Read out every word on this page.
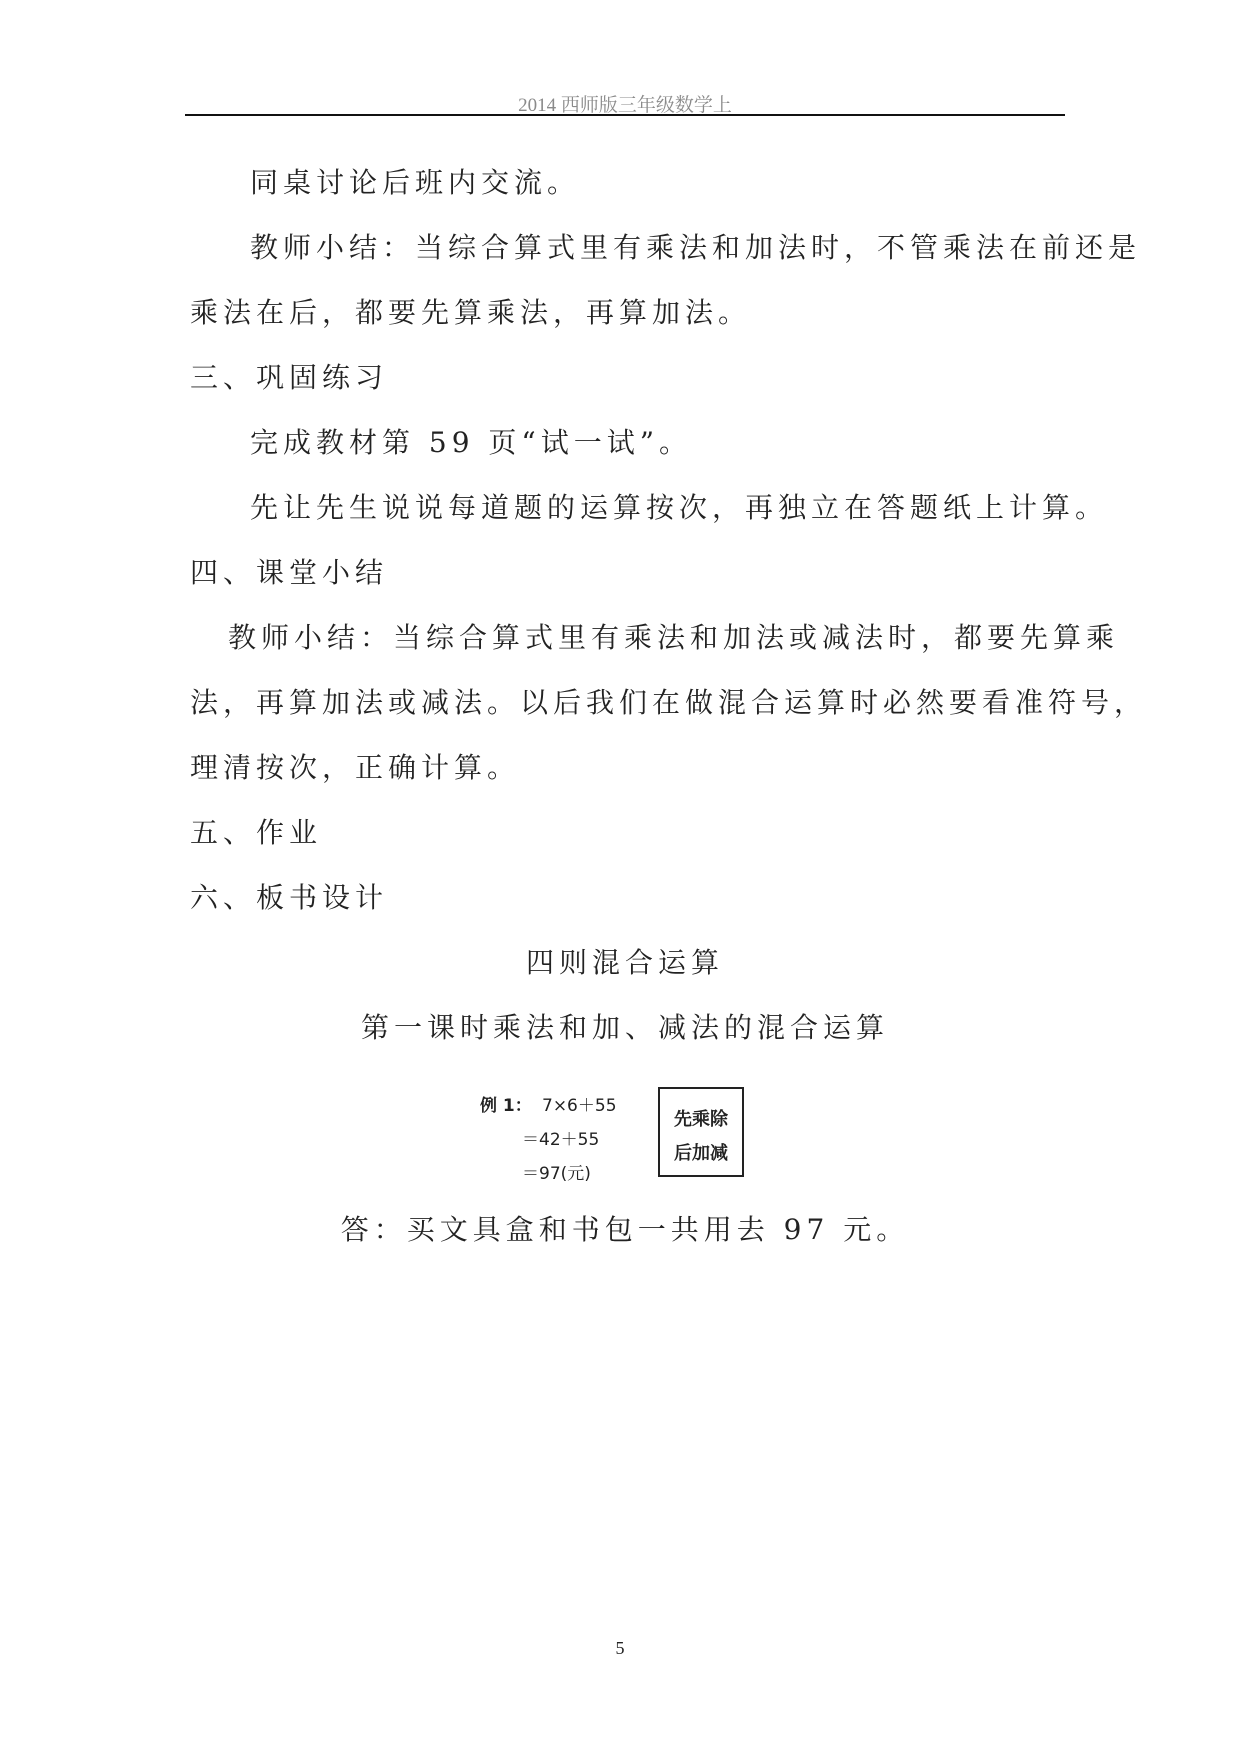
2014 西师版三年级数学上
同桌讨论后班内交流。
教师小结：当综合算式里有乘法和加法时，不管乘法在前还是
乘法在后，都要先算乘法，再算加法。
三、巩固练习
完成教材第 59 页“试一试”。
先让先生说说每道题的运算按次，再独立在答题纸上计算。
四、课堂小结
教师小结：当综合算式里有乘法和加法或减法时，都要先算乘
法，再算加法或减法。以后我们在做混合运算时必然要看准符号，
理清按次，正确计算。
五、作业
六、板书设计
四则混合运算
第一课时乘法和加、减法的混合运算
例 1： 7×6＋55
＝42＋55
＝97(元)
先乘除
后加减
答：买文具盒和书包一共用去 97 元。
5
